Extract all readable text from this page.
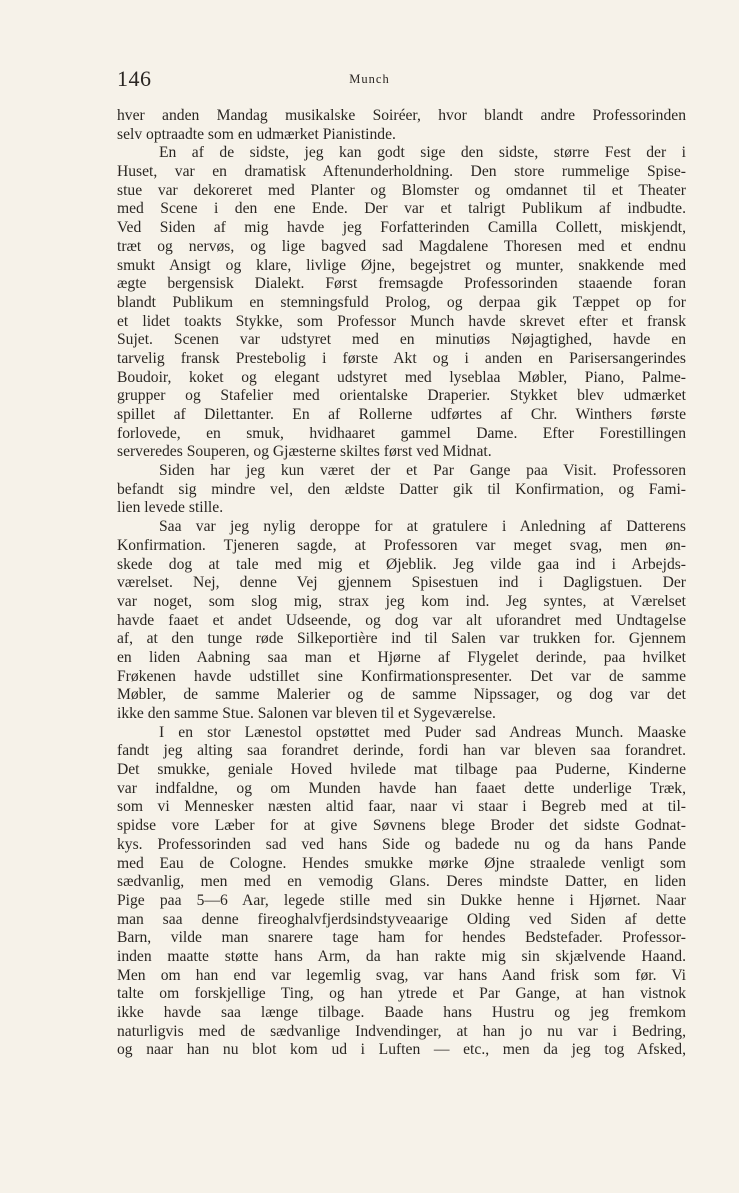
146	Munch
hver anden Mandag musikalske Soiréer, hvor blandt andre Professorinden
selv optraadte som en udmærket Pianistinde.
En af de sidste, jeg kan godt sige den sidste, større Fest der i
Huset, var en dramatisk Aftenunderholdning. Den store rummelige Spise-
stue var dekoreret med Planter og Blomster og omdannet til et Theater
med Scene i den ene Ende. Der var et talrigt Publikum af indbudte.
Ved Siden af mig havde jeg Forfatterinden Camilla Collett, miskjendt,
træt og nervøs, og lige bagved sad Magdalene Thoresen med et endnu
smukt Ansigt og klare, livlige Øjne, begejstret og munter, snakkende med
ægte bergensisk Dialekt. Først fremsagde Professorinden staaende foran
blandt Publikum en stemningsfuld Prolog, og derpaa gik Tæppet op for
et lidet toakts Stykke, som Professor Munch havde skrevet efter et fransk
Sujet. Scenen var udstyret med en minutiøs Nøjagtighed, havde en
tarvelig fransk Prestebolig i første Akt og i anden en Parisersangerindes
Boudoir, koket og elegant udstyret med lyseblaa Møbler, Piano, Palme-
grupper og Stafelier med orientalske Draperier. Stykket blev udmærket
spillet af Dilettanter. En af Rollerne udførtes af Chr. Winthers første
forlovede, en smuk, hvidhaaret gammel Dame. Efter Forestillingen
serveredes Souperen, og Gjæsterne skiltes først ved Midnat.
Siden har jeg kun været der et Par Gange paa Visit. Professoren
befandt sig mindre vel, den ældste Datter gik til Konfirmation, og Fami-
lien levede stille.
Saa var jeg nylig deroppe for at gratulere i Anledning af Datterens
Konfirmation. Tjeneren sagde, at Professoren var meget svag, men øn-
skede dog at tale med mig et Øjeblik. Jeg vilde gaa ind i Arbejds-
værelset. Nej, denne Vej gjennem Spisestuen ind i Dagligstuen. Der
var noget, som slog mig, strax jeg kom ind. Jeg syntes, at Værelset
havde faaet et andet Udseende, og dog var alt uforandret med Undtagelse
af, at den tunge røde Silkeportière ind til Salen var trukken for. Gjennem
en liden Aabning saa man et Hjørne af Flygelet derinde, paa hvilket
Frøkenen havde udstillet sine Konfirmationspresenter. Det var de samme
Møbler, de samme Malerier og de samme Nipssager, og dog var det
ikke den samme Stue. Salonen var bleven til et Sygeværelse.
I en stor Lænestol opstøttet med Puder sad Andreas Munch. Maaske
fandt jeg alting saa forandret derinde, fordi han var bleven saa forandret.
Det smukke, geniale Hoved hvilede mat tilbage paa Puderne, Kinderne
var indfaldne, og om Munden havde han faaet dette underlige Træk,
som vi Mennesker næsten altid faar, naar vi staar i Begreb med at til-
spidse vore Læber for at give Søvnens blege Broder det sidste Godnat-
kys. Professorinden sad ved hans Side og badede nu og da hans Pande
med Eau de Cologne. Hendes smukke mørke Øjne straalede venligt som
sædvanlig, men med en vemodig Glans. Deres mindste Datter, en liden
Pige paa 5—6 Aar, legede stille med sin Dukke henne i Hjørnet. Naar
man saa denne fireoghalvfjerdsindstyveaarige Olding ved Siden af dette
Barn, vilde man snarere tage ham for hendes Bedstefader. Professor-
inden maatte støtte hans Arm, da han rakte mig sin skjælvende Haand.
Men om han end var legemlig svag, var hans Aand frisk som før. Vi
talte om forskjellige Ting, og han ytrede et Par Gange, at han vistnok
ikke havde saa længe tilbage. Baade hans Hustru og jeg fremkom
naturligvis med de sædvanlige Indvendinger, at han jo nu var i Bedring,
og naar han nu blot kom ud i Luften — etc., men da jeg tog Afsked,
